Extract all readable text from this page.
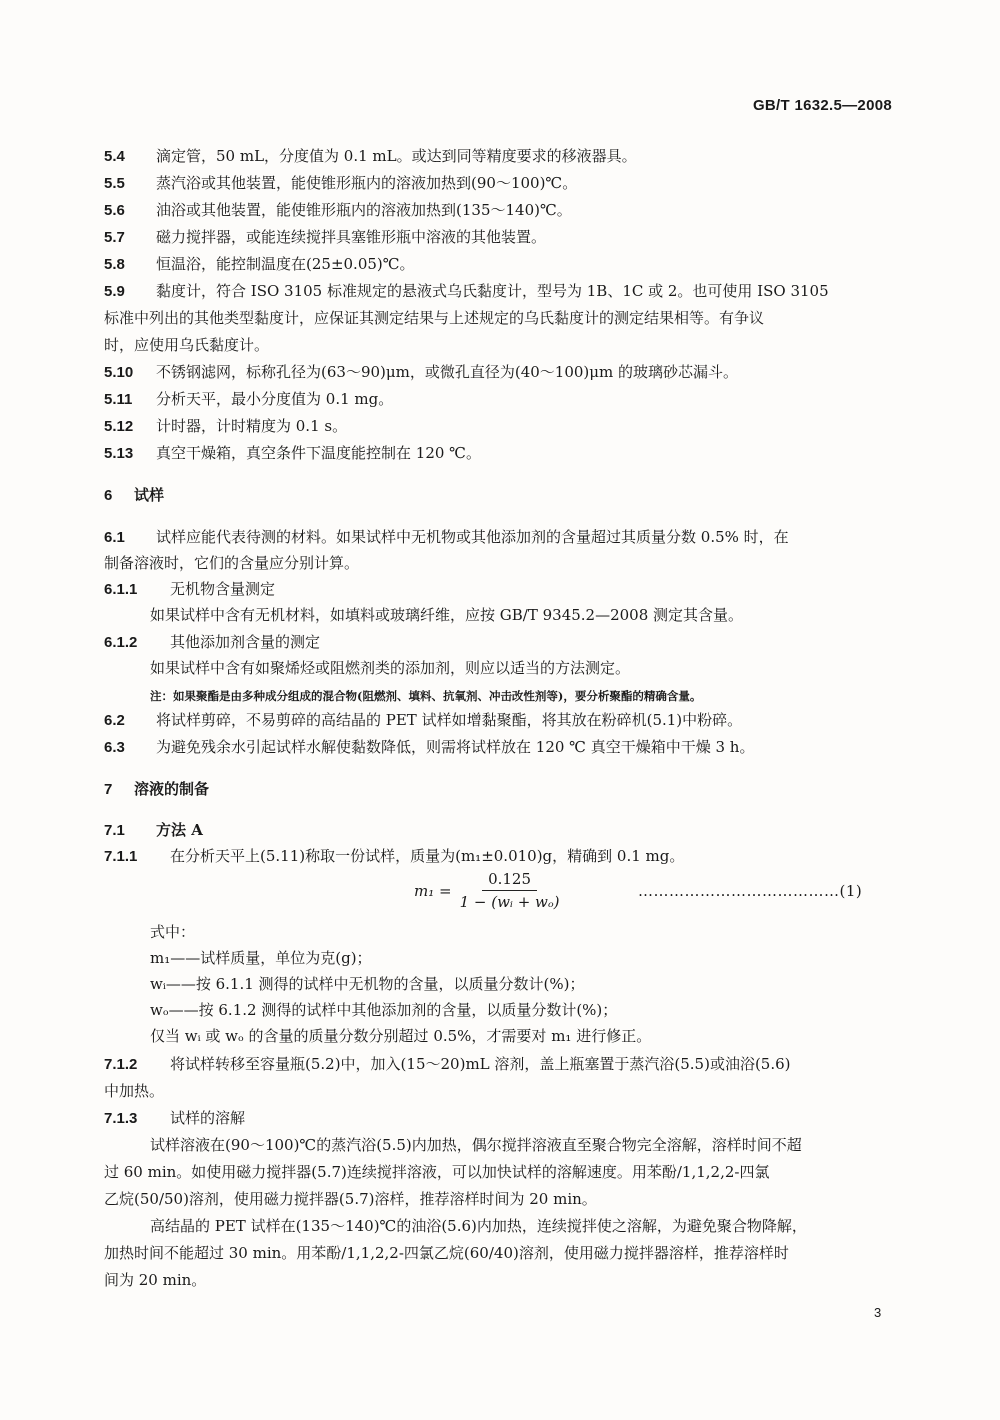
GB/T 1632.5—2008
5.4 滴定管，50 mL，分度值为 0.1 mL。或达到同等精度要求的移液器具。
5.5 蒸汽浴或其他装置，能使锥形瓶内的溶液加热到(90～100)℃。
5.6 油浴或其他装置，能使锥形瓶内的溶液加热到(135～140)℃。
5.7 磁力搅拌器，或能连续搅拌具塞锥形瓶中溶液的其他装置。
5.8 恒温浴，能控制温度在(25±0.05)℃。
5.9 黏度计，符合 ISO 3105 标准规定的悬液式乌氏黏度计，型号为 1B、1C 或 2。也可使用 ISO 3105
标准中列出的其他类型黏度计，应保证其测定结果与上述规定的乌氏黏度计的测定结果相等。有争议
时，应使用乌氏黏度计。
5.10 不锈钢滤网，标称孔径为(63～90)μm，或微孔直径为(40～100)μm 的玻璃砂芯漏斗。
5.11 分析天平，最小分度值为 0.1 mg。
5.12 计时器，计时精度为 0.1 s。
5.13 真空干燥箱，真空条件下温度能控制在 120 ℃。
6 试样
6.1 试样应能代表待测的材料。如果试样中无机物或其他添加剂的含量超过其质量分数 0.5% 时，在
制备溶液时，它们的含量应分别计算。
6.1.1 无机物含量测定
如果试样中含有无机材料，如填料或玻璃纤维，应按 GB/T 9345.2—2008 测定其含量。
6.1.2 其他添加剂含量的测定
如果试样中含有如聚烯烃或阻燃剂类的添加剂，则应以适当的方法测定。
注：如果聚酯是由多种成分组成的混合物(阻燃剂、填料、抗氧剂、冲击改性剂等)，要分析聚酯的精确含量。
6.2 将试样剪碎，不易剪碎的高结晶的 PET 试样如增黏聚酯，将其放在粉碎机(5.1)中粉碎。
6.3 为避免残余水引起试样水解使黏数降低，则需将试样放在 120 ℃ 真空干燥箱中干燥 3 h。
7 溶液的制备
7.1 方法 A
7.1.1 在分析天平上(5.11)称取一份试样，质量为(m₁±0.010)g，精确到 0.1 mg。
$m_1 = \frac{0.125}{\text{1 − (wᵢ + wₒ)}}$	…………………………………(1)
式中：
m₁——试样质量，单位为克(g)；
wᵢ——按 6.1.1 测得的试样中无机物的含量，以质量分数计(%)；
wₒ——按 6.1.2 测得的试样中其他添加剂的含量，以质量分数计(%)；
仅当 wᵢ 或 wₒ 的含量的质量分数分别超过 0.5%，才需要对 m₁ 进行修正。
7.1.2 将试样转移至容量瓶(5.2)中，加入(15～20)mL 溶剂，盖上瓶塞置于蒸汽浴(5.5)或油浴(5.6)
中加热。
7.1.3 试样的溶解
试样溶液在(90～100)℃的蒸汽浴(5.5)内加热，偶尔搅拌溶液直至聚合物完全溶解，溶样时间不超
过 60 min。如使用磁力搅拌器(5.7)连续搅拌溶液，可以加快试样的溶解速度。用苯酚/1,1,2,2-四氯
乙烷(50/50)溶剂，使用磁力搅拌器(5.7)溶样，推荐溶样时间为 20 min。
高结晶的 PET 试样在(135～140)℃的油浴(5.6)内加热，连续搅拌使之溶解，为避免聚合物降解，
加热时间不能超过 30 min。用苯酚/1,1,2,2-四氯乙烷(60/40)溶剂，使用磁力搅拌器溶样，推荐溶样时
间为 20 min。
3
